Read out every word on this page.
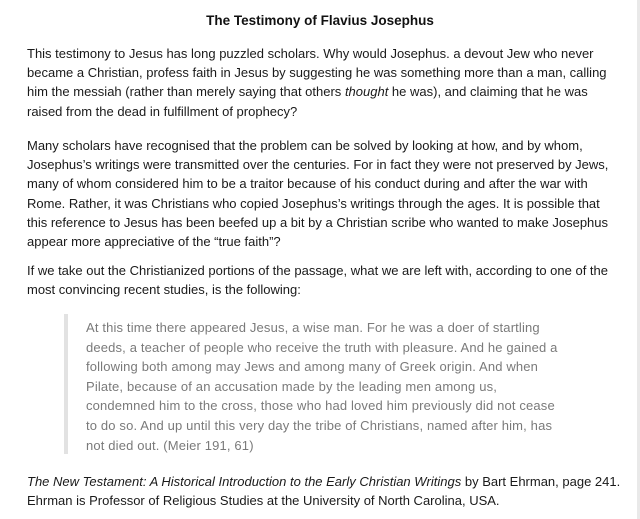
The Testimony of Flavius Josephus

This testimony to Jesus has long puzzled scholars. Why would Josephus. a devout Jew who never became a Christian, profess faith in Jesus by suggesting he was something more than a man, calling him the messiah (rather than merely saying that others thought he was), and claiming that he was raised from the dead in fulfillment of prophecy?

Many scholars have recognised that the problem can be solved by looking at how, and by whom, Josephus’s writings were transmitted over the centuries. For in fact they were not preserved by Jews, many of whom considered him to be a traitor because of his conduct during and after the war with Rome. Rather, it was Christians who copied Josephus’s writings through the ages. It is possible that this reference to Jesus has been beefed up a bit by a Christian scribe who wanted to make Josephus appear more appreciative of the “true faith”?

If we take out the Christianized portions of the passage, what we are left with, according to one of the most convincing recent studies, is the following:

At this time there appeared Jesus, a wise man. For he was a doer of startling deeds, a teacher of people who receive the truth with pleasure. And he gained a following both among may Jews and among many of Greek origin. And when Pilate, because of an accusation made by the leading men among us, condemned him to the cross, those who had loved him previously did not cease to do so. And up until this very day the tribe of Christians, named after him, has not died out. (Meier 191, 61)

The New Testament: A Historical Introduction to the Early Christian Writings by Bart Ehrman, page 241. Ehrman is Professor of Religious Studies at the University of North Carolina, USA.
